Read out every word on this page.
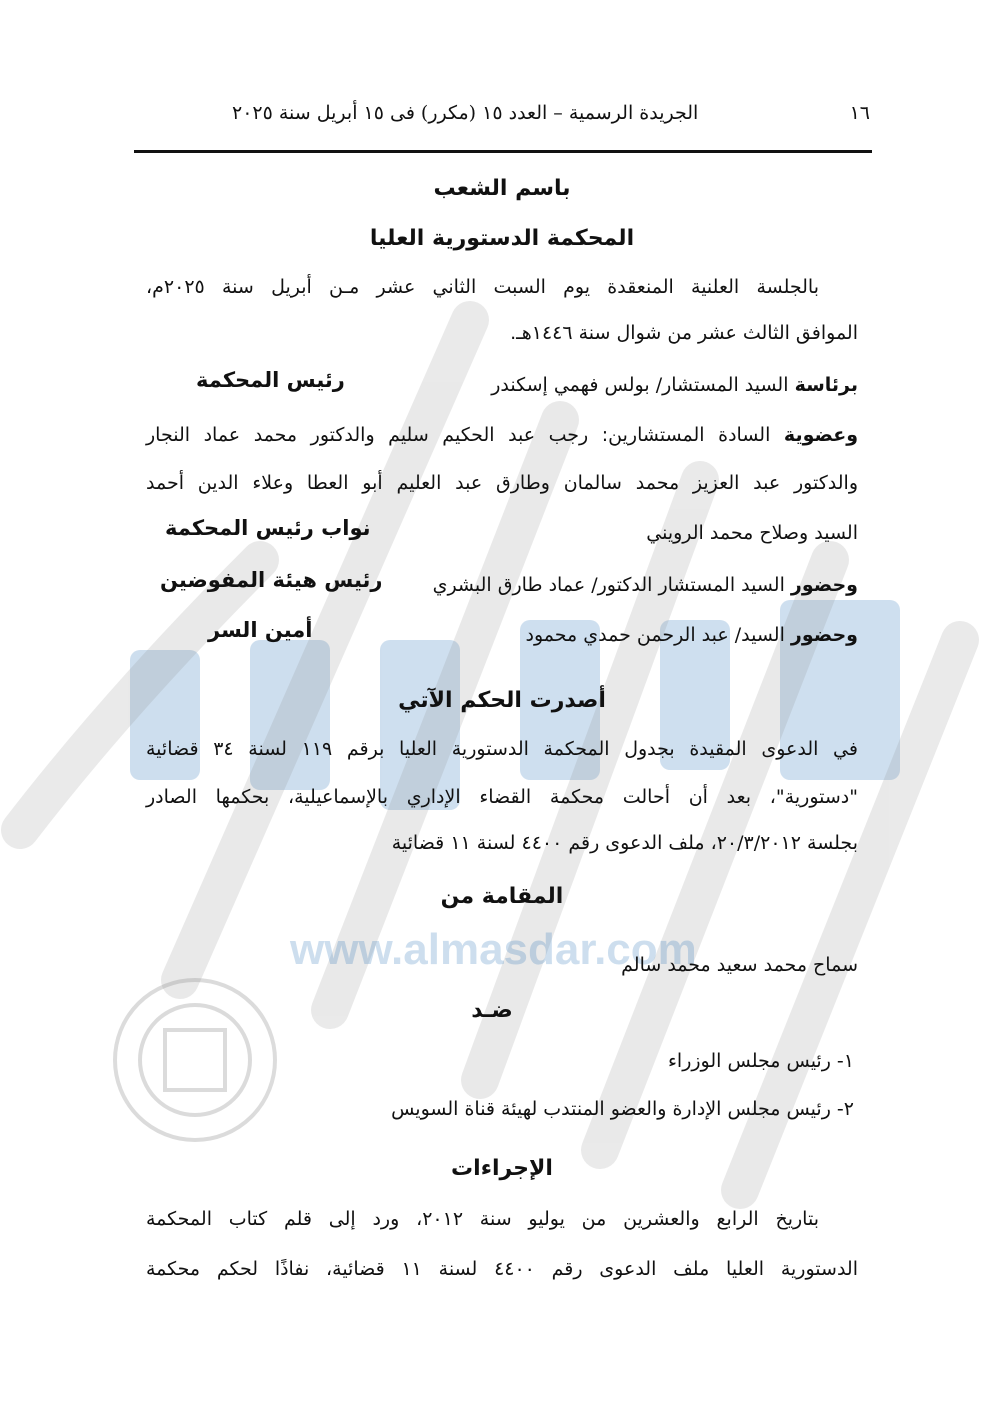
www.almasdar.com
١٦
الجريدة الرسمية – العدد ١٥ (مكرر) فى ١٥ أبريل سنة ٢٠٢٥
باسم الشعب
المحكمة الدستورية العليا
بالجلسة العلنية المنعقدة يوم السبت الثاني عشر مـن أبريل سنة ٢٠٢٥م،
الموافق الثالث عشر من شوال سنة ١٤٤٦هـ.
برئاسة السيد المستشار/ بولس فهمي إسكندر
رئيس المحكمة
وعضوية السادة المستشارين: رجب عبد الحكيم سليم والدكتور محمد عماد النجار
والدكتور عبد العزيز محمد سالمان وطارق عبد العليم أبو العطا وعلاء الدين أحمد
السيد وصلاح محمد الرويني
نواب رئيس المحكمة
وحضور السيد المستشار الدكتور/ عماد طارق البشري
رئيس هيئة المفوضين
وحضور السيد/ عبد الرحمن حمدي محمود
أمين السر
أصدرت الحكم الآتي
في الدعوى المقيدة بجدول المحكمة الدستورية العليا برقم ١١٩ لسنة ٣٤ قضائية
"دستورية"، بعد أن أحالت محكمة القضاء الإداري بالإسماعيلية، بحكمها الصادر
بجلسة ٢٠/٣/٢٠١٢، ملف الدعوى رقم ٤٤٠٠ لسنة ١١ قضائية
المقامة من
سماح محمد سعيد محمد سالم
ضـد
١- رئيس مجلس الوزراء
٢- رئيس مجلس الإدارة والعضو المنتدب لهيئة قناة السويس
الإجراءات
بتاريخ الرابع والعشرين من يوليو سنة ٢٠١٢، ورد إلى قلم كتاب المحكمة
الدستورية العليا ملف الدعوى رقم ٤٤٠٠ لسنة ١١ قضائية، نفاذًا لحكم محكمة
